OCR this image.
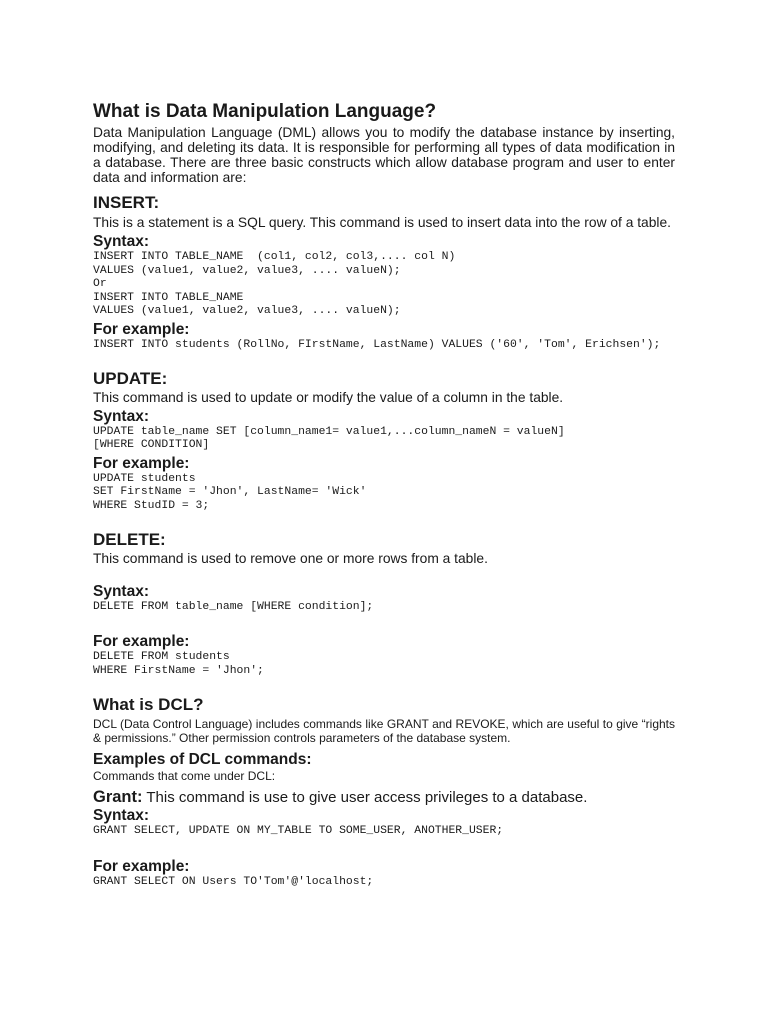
What is Data Manipulation Language?

Data Manipulation Language (DML) allows you to modify the database instance by inserting, modifying, and deleting its data. It is responsible for performing all types of data modification in a database. There are three basic constructs which allow database program and user to enter data and information are:

INSERT:

This is a statement is a SQL query. This command is used to insert data into the row of a table.

Syntax:
INSERT INTO TABLE_NAME  (col1, col2, col3,.... col N)
VALUES (value1, value2, value3, .... valueN);
Or
INSERT INTO TABLE_NAME
VALUES (value1, value2, value3, .... valueN);
For example:
INSERT INTO students (RollNo, FIrstName, LastName) VALUES ('60', 'Tom', Erichsen');
UPDATE:

This command is used to update or modify the value of a column in the table.

Syntax:
UPDATE table_name SET [column_name1= value1,...column_nameN = valueN]
[WHERE CONDITION]
For example:
UPDATE students
SET FirstName = 'Jhon', LastName= 'Wick'
WHERE StudID = 3;
DELETE:

This command is used to remove one or more rows from a table.

Syntax:
DELETE FROM table_name [WHERE condition];
For example:
DELETE FROM students
WHERE FirstName = 'Jhon';
What is DCL?

DCL (Data Control Language) includes commands like GRANT and REVOKE, which are useful to give “rights & permissions.” Other permission controls parameters of the database system.

Examples of DCL commands:

Commands that come under DCL:

Grant: This command is use to give user access privileges to a database.

Syntax:
GRANT SELECT, UPDATE ON MY_TABLE TO SOME_USER, ANOTHER_USER;
For example:
GRANT SELECT ON Users TO'Tom'@'localhost;
